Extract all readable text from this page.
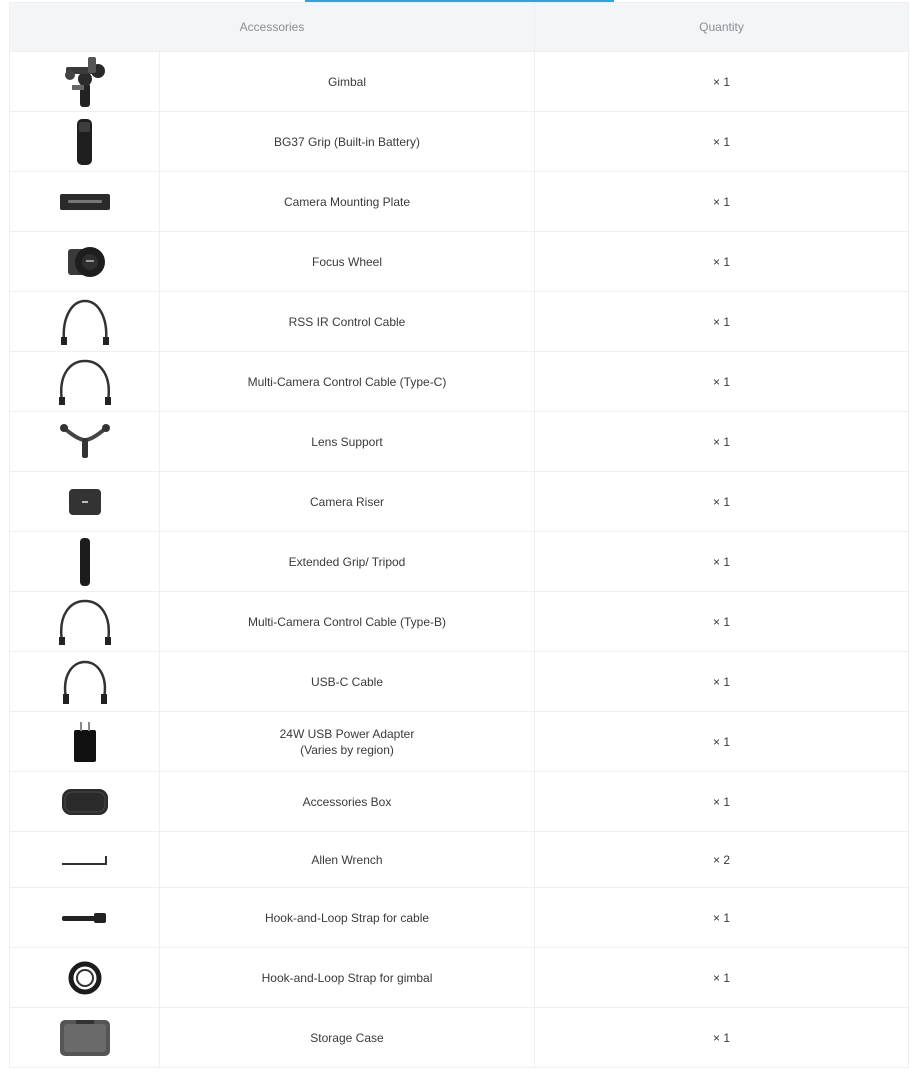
Accessories		Quantity

	Gimbal	× 1

	BG37 Grip (Built-in Battery)	× 1

	Camera Mounting Plate	× 1

	Focus Wheel	× 1

	RSS IR Control Cable	× 1

	Multi-Camera Control Cable (Type-C)	× 1

	Lens Support	× 1

	Camera Riser	× 1

	Extended Grip/ Tripod	× 1

	Multi-Camera Control Cable (Type-B)	× 1

	USB-C Cable	× 1

24W USB Power Adapter
(Varies by region)	× 1

	Accessories Box	× 1

	Allen Wrench	× 2

	Hook-and-Loop Strap for cable	× 1

	Hook-and-Loop Strap for gimbal	× 1

	Storage Case	× 1
